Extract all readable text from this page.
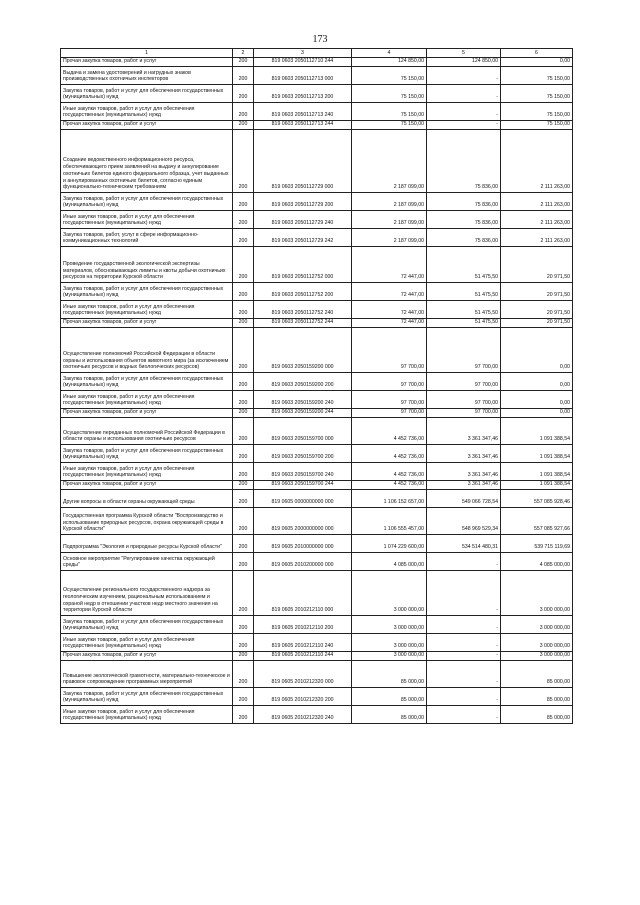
173
1	2	3	4	5	6
Прочая закупка товаров, работ и услуг	200	819 0603 2050112710 244	124 850,00	124 850,00	0,00
Выдача и замена удостоверений и нагрудных знаков производственных охотничьих инспекторов	200	819 0603 2050112713 000	75 150,00	-	75 150,00
Закупка товаров, работ и услуг для обеспечения государственных (муниципальных) нужд	200	819 0603 2050112713 200	75 150,00	-	75 150,00
Иные закупки товаров, работ и услуг для обеспечения государственных (муниципальных) нужд	200	819 0603 2050112713 240	75 150,00	-	75 150,00
Прочая закупка товаров, работ и услуг	200	819 0603 2050112713 244	75 150,00	-	75 150,00
Создание ведомственного информационного ресурса, обеспечивающего прием заявлений на выдачу и аннулирование охотничьих билетов единого федерального образца, учет выданных и аннулированных охотничьих билетов, согласно единым функционально-техническим требованиям	200	819 0603 2050112729 000	2 187 099,00	75 836,00	2 111 263,00
Закупка товаров, работ и услуг для обеспечения государственных (муниципальных) нужд	200	819 0603 2050112729 200	2 187 099,00	75 836,00	2 111 263,00
Иные закупки товаров, работ и услуг для обеспечения государственных (муниципальных) нужд	200	819 0603 2050112729 240	2 187 099,00	75 836,00	2 111 263,00
Закупка товаров, работ, услуг в сфере информационно-коммуникационных технологий	200	819 0603 2050112729 242	2 187 099,00	75 836,00	2 111 263,00
Проведение государственной экологической экспертизы материалов, обосновывающих лимиты и квоты добычи охотничьих ресурсов на территории Курской области	200	819 0603 2050112752 000	72 447,00	51 475,50	20 971,50
Закупка товаров, работ и услуг для обеспечения государственных (муниципальных) нужд	200	819 0603 2050112752 200	72 447,00	51 475,50	20 971,50
Иные закупки товаров, работ и услуг для обеспечения государственных (муниципальных) нужд	200	819 0603 2050112752 240	72 447,00	51 475,50	20 971,50
Прочая закупка товаров, работ и услуг	200	819 0603 2050112752 244	72 447,00	51 475,50	20 971,50
Осуществление полномочий Российской Федерации в области охраны и использования объектов животного мира (за исключением охотничьих ресурсов и водных биологических ресурсов)	200	819 0603 2050159200 000	97 700,00	97 700,00	0,00
Закупка товаров, работ и услуг для обеспечения государственных (муниципальных) нужд	200	819 0603 2050159200 200	97 700,00	97 700,00	0,00
Иные закупки товаров, работ и услуг для обеспечения государственных (муниципальных) нужд	200	819 0603 2050159200 240	97 700,00	97 700,00	0,00
Прочая закупка товаров, работ и услуг	200	819 0603 2050159200 244	97 700,00	97 700,00	0,00
Осуществление переданных полномочий Российской Федерации в области охраны и использования охотничьих ресурсов	200	819 0603 2050159700 000	4 452 736,00	3 361 347,46	1 091 388,54
Закупка товаров, работ и услуг для обеспечения государственных (муниципальных) нужд	200	819 0603 2050159700 200	4 452 736,00	3 361 347,46	1 091 388,54
Иные закупки товаров, работ и услуг для обеспечения государственных (муниципальных) нужд	200	819 0603 2050159700 240	4 452 736,00	3 361 347,46	1 091 388,54
Прочая закупка товаров, работ и услуг	200	819 0603 2050159700 244	4 452 736,00	3 361 347,46	1 091 388,54
Другие вопросы в области охраны окружающей среды	200	819 0605 0000000000 000	1 106 152 657,00	549 066 728,54	557 085 928,46
Государственная программа Курской области "Воспроизводство и использование природных ресурсов, охрана окружающей среды в Курской области"	200	819 0605 2000000000 000	1 106 555 457,00	548 969 529,34	557 085 927,66
Подпрограмма "Экология и природные ресурсы Курской области"	200	819 0605 2010000000 000	1 074 229 600,00	534 514 480,31	539 715 119,69
Основное мероприятие "Регулирование качества окружающей среды"	200	819 0605 2010200000 000	4 085 000,00	-	4 085 000,00
Осуществление регионального государственного надзора за геологическим изучением, рациональным использованием и охраной недр в отношении участков недр местного значения на территории Курской области	200	819 0605 2010212110 000	3 000 000,00	-	3 000 000,00
Закупка товаров, работ и услуг для обеспечения государственных (муниципальных) нужд	200	819 0605 2010212110 200	3 000 000,00	-	3 000 000,00
Иные закупки товаров, работ и услуг для обеспечения государственных (муниципальных) нужд	200	819 0605 2010212110 240	3 000 000,00	-	3 000 000,00
Прочая закупка товаров, работ и услуг	200	819 0605 2010212110 244	3 000 000,00	-	3 000 000,00
Повышение экологической грамотности, материально-техническое и правовое сопровождение программных мероприятий	200	819 0605 2010212320 000	85 000,00	-	85 000,00
Закупка товаров, работ и услуг для обеспечения государственных (муниципальных) нужд	200	819 0605 2010212320 200	85 000,00	-	85 000,00
Иные закупки товаров, работ и услуг для обеспечения государственных (муниципальных) нужд	200	819 0605 2010212320 240	85 000,00	-	85 000,00
